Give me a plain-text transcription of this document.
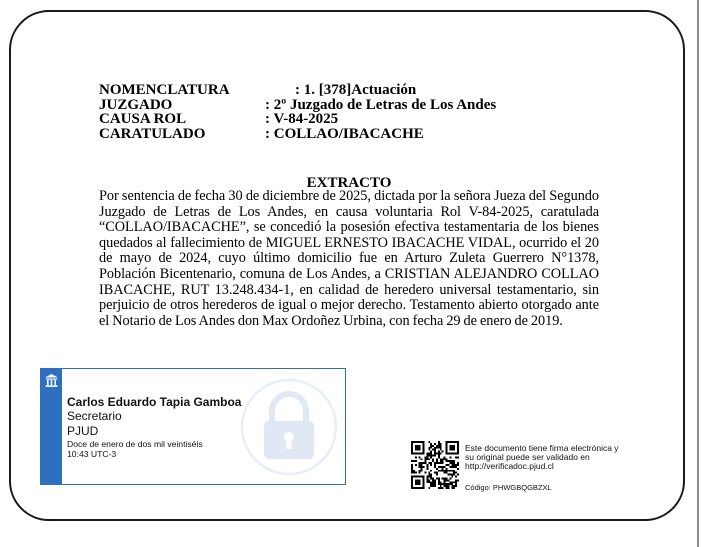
NOMENCLATURA        : 1. [378]Actuación
JUZGADO	: 2º Juzgado de Letras de Los Andes
CAUSA ROL	: V-84-2025
CARATULADO	: COLLAO/IBACACHE
EXTRACTO
Por sentencia de fecha 30 de diciembre de 2025, dictada por la señora Jueza del Segundo Juzgado de Letras de Los Andes, en causa voluntaria Rol V-84-2025, caratulada “COLLAO/IBACACHE”, se concedió la posesión efectiva testamentaria de los bienes quedados al fallecimiento de MIGUEL ERNESTO IBACACHE VIDAL, ocurrido el 20 de mayo de 2024, cuyo último domicilio fue en Arturo Zuleta Guerrero N°1378, Población Bicentenario, comuna de Los Andes, a CRISTIAN ALEJANDRO COLLAO IBACACHE, RUT 13.248.434-1, en calidad de heredero universal testamentario, sin perjuicio de otros herederos de igual o mejor derecho. Testamento abierto otorgado ante el Notario de Los Andes don Max Ordoñez Urbina, con fecha 29 de enero de 2019.
Carlos Eduardo Tapia Gamboa
Secretario
PJUD
Doce de enero de dos mil veintiséis
10:43 UTC-3
Este documento tiene firma electrónica y su original puede ser validado en http://verificadoc.pjud.cl
Código: PHWGBQGBZXL
